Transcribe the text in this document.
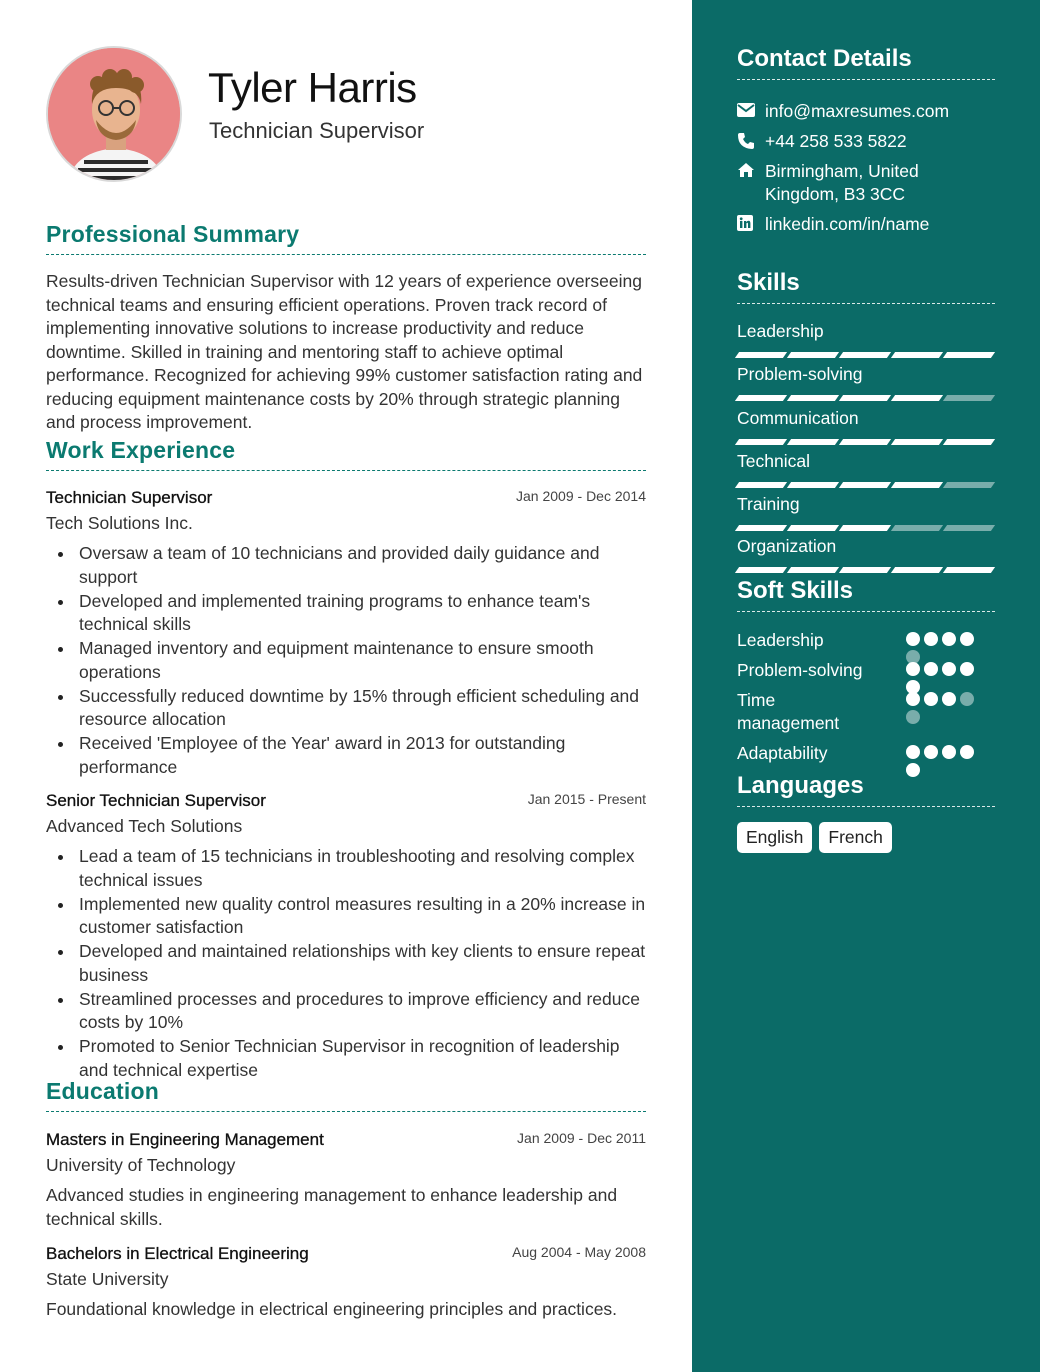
Tyler Harris
Technician Supervisor
Professional Summary
Results-driven Technician Supervisor with 12 years of experience overseeing technical teams and ensuring efficient operations. Proven track record of implementing innovative solutions to increase productivity and reduce downtime. Skilled in training and mentoring staff to achieve optimal performance. Recognized for achieving 99% customer satisfaction rating and reducing equipment maintenance costs by 20% through strategic planning and process improvement.
Work Experience
Technician Supervisor	Jan 2009 - Dec 2014
Tech Solutions Inc.
Oversaw a team of 10 technicians and provided daily guidance and support
Developed and implemented training programs to enhance team's technical skills
Managed inventory and equipment maintenance to ensure smooth operations
Successfully reduced downtime by 15% through efficient scheduling and resource allocation
Received 'Employee of the Year' award in 2013 for outstanding performance
Senior Technician Supervisor	Jan 2015 - Present
Advanced Tech Solutions
Lead a team of 15 technicians in troubleshooting and resolving complex technical issues
Implemented new quality control measures resulting in a 20% increase in customer satisfaction
Developed and maintained relationships with key clients to ensure repeat business
Streamlined processes and procedures to improve efficiency and reduce costs by 10%
Promoted to Senior Technician Supervisor in recognition of leadership and technical expertise
Education
Masters in Engineering Management	Jan 2009 - Dec 2011
University of Technology
Advanced studies in engineering management to enhance leadership and technical skills.
Bachelors in Electrical Engineering	Aug 2004 - May 2008
State University
Foundational knowledge in electrical engineering principles and practices.
Contact Details
info@maxresumes.com
+44 258 533 5822
Birmingham, United Kingdom, B3 3CC
linkedin.com/in/name
Skills
Leadership
Problem-solving
Communication
Technical
Training
Organization
Soft Skills
Leadership
Problem-solving
Time management
Adaptability
Languages
English	French
